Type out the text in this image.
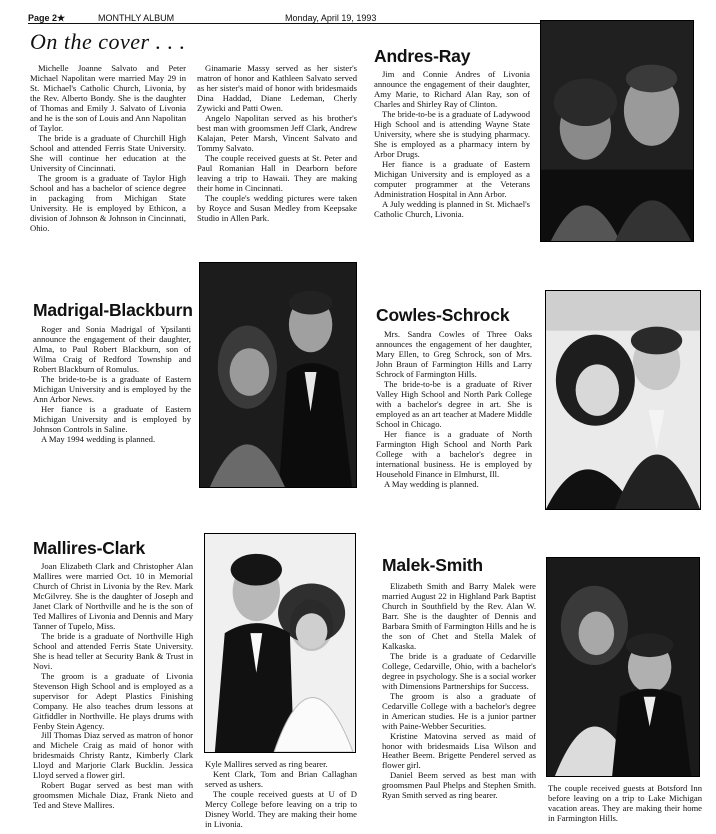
Page 2★	MONTHLY ALBUM	Monday, April 19, 1993
On the cover . . .

Michelle Joanne Salvato and Peter Michael Napolitan were married May 29 in St. Michael's Catholic Church, Livonia, by the Rev. Alberto Bondy. She is the daughter of Thomas and Emily J. Salvato of Livonia and he is the son of Louis and Ann Napolitan of Taylor.

The bride is a graduate of Churchill High School and attended Ferris State University. She will continue her education at the University of Cincinnati.

The groom is a graduate of Taylor High School and has a bachelor of science degree in packaging from Michigan State University. He is employed by Ethicon, a division of Johnson & Johnson in Cincinnati, Ohio.

Ginamarie Massy served as her sister's matron of honor and Kathleen Salvato served as her sister's maid of honor with bridesmaids Dina Haddad, Diane Ledeman, Cherly Zywicki and Patti Owen.

Angelo Napolitan served as his brother's best man with groomsmen Jeff Clark, Andrew Kalajan, Peter Marsh, Vincent Salvato and Tommy Salvato.

The couple received guests at St. Peter and Paul Romanian Hall in Dearborn before leaving a trip to Hawaii. They are making their home in Cincinnati.

The couple's wedding pictures were taken by Royce and Susan Medley from Keepsake Studio in Allen Park.

Andres-Ray

Jim and Connie Andres of Livonia announce the engagement of their daughter, Amy Marie, to Richard Alan Ray, son of Charles and Shirley Ray of Clinton.

The bride-to-be is a graduate of Ladywood High School and is attending Wayne State University, where she is studying pharmacy. She is employed as a pharmacy intern by Arbor Drugs.

Her fiance is a graduate of Eastern Michigan University and is employed as a computer programmer at the Veterans Administration Hospital in Ann Arbor.

A July wedding is planned in St. Michael's Catholic Church, Livonia.

Madrigal-Blackburn

Roger and Sonia Madrigal of Ypsilanti announce the engagement of their daughter, Alma, to Paul Robert Blackburn, son of Wilma Craig of Redford Township and Robert Blackburn of Romulus.

The bride-to-be is a graduate of Eastern Michigan University and is employed by the Ann Arbor News.

Her fiance is a graduate of Eastern Michigan University and is employed by Johnson Controls in Saline.

A May 1994 wedding is planned.

Cowles-Schrock

Mrs. Sandra Cowles of Three Oaks announces the engagement of her daughter, Mary Ellen, to Greg Schrock, son of Mrs. John Braun of Farmington Hills and Larry Schrock of Farmington Hills.

The bride-to-be is a graduate of River Valley High School and North Park College with a bachelor's degree in art. She is employed as an art teacher at Madere Middle School in Chicago.

Her fiance is a graduate of North Farmington High School and North Park College with a bachelor's degree in international business. He is employed by Household Finance in Elmhurst, Ill.

A May wedding is planned.

Mallires-Clark

Joan Elizabeth Clark and Christopher Alan Mallires were married Oct. 10 in Memorial Church of Christ in Livonia by the Rev. Mark McGilvrey. She is the daughter of Joseph and Janet Clark of Northville and he is the son of Ted Mallires of Livonia and Dennis and Mary Tanner of Tupelo, Miss.

The bride is a graduate of Northville High School and attended Ferris State University. She is head teller at Security Bank & Trust in Novi.

The groom is a graduate of Livonia Stevenson High School and is employed as a supervisor for Adept Plastics Finishing Company. He also teaches drum lessons at Gitfiddler in Northville. He plays drums with Fenby Stein Agency.

Jill Thomas Diaz served as matron of honor and Michele Craig as maid of honor with bridesmaids Christy Rantz, Kimberly Clark Lloyd and Marjorie Clark Bucklin. Jessica Lloyd served a flower girl.

Robert Bugar served as best man with groomsmen Michale Diaz, Frank Nieto and Ted and Steve Mallires.

Kyle Mallires served as ring bearer.

Kent Clark, Tom and Brian Callaghan served as ushers.

The couple received guests at U of D Mercy College before leaving on a trip to Disney World. They are making their home in Livonia.

Malek-Smith

Elizabeth Smith and Barry Malek were married August 22 in Highland Park Baptist Church in Southfield by the Rev. Alan W. Barr. She is the daughter of Dennis and Barbara Smith of Farmington Hills and he is the son of Chet and Stella Malek of Kalkaska.

The bride is a graduate of Cedarville College, Cedarville, Ohio, with a bachelor's degree in psychology. She is a social worker with Dimensions Partnerships for Success.

The groom is also a graduate of Cedarville College with a bachelor's degree in American studies. He is a junior partner with Paine-Webber Securities.

Kristine Matovina served as maid of honor with bridesmaids Lisa Wilson and Heather Beem. Brigette Penderel served as flower girl.

Daniel Beem served as best man with groomsmen Paul Phelps and Stephen Smith. Ryan Smith served as ring bearer.

The couple received guests at Botsford Inn before leaving on a trip to Lake Michigan vacation areas. They are making their home in Farmington Hills.
